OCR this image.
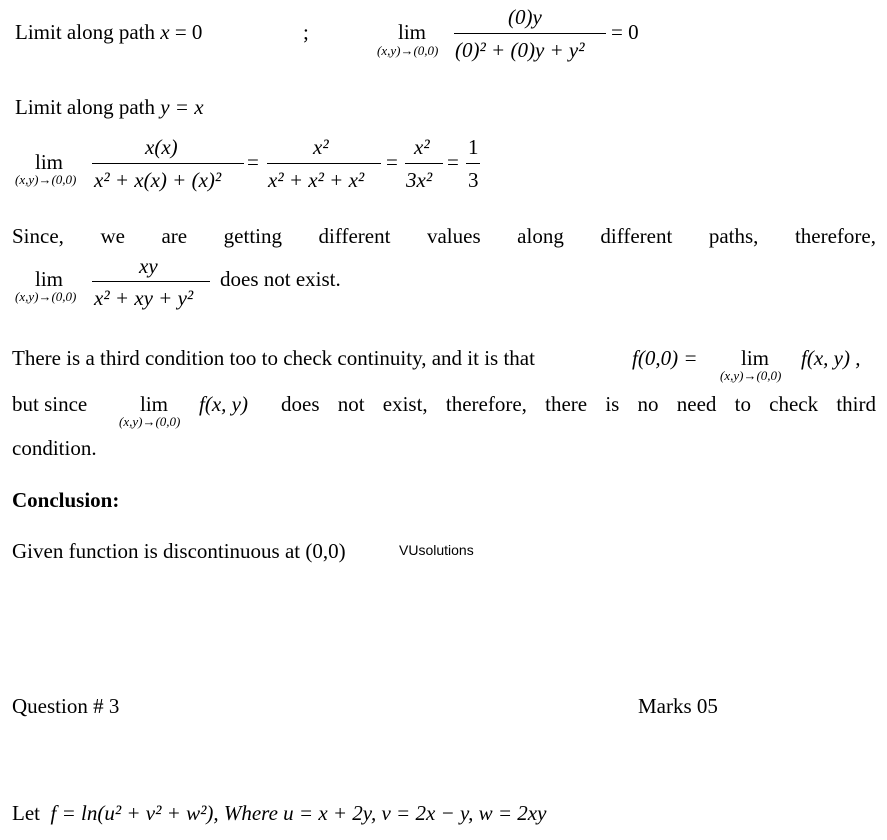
Limit along path x = 0	;	lim
(x,y)→(0,0)
(0)y
(0)² + (0)y + y²
= 0
Limit along path y = x
lim
(x,y)→(0,0)
x(x)
x² + x(x) + (x)²
=
x²
x² + x² + x²
=
x²
3x²
=
1
3
Since, we are getting different values along different paths, therefore,
lim
(x,y)→(0,0)
xy
x² + xy + y²
does not exist.
There is a third condition too to check continuity, and it is that	f(0,0) = lim
(x,y)→(0,0)
f(x, y) ,
but since	lim
(x,y)→(0,0)
f(x, y) does not exist, therefore, there is no need to check third
condition.
Conclusion:
Given function is discontinuous at (0,0)	VUsolutions
Question # 3	Marks 05
Let f = ln(u² + v² + w²), Where u = x + 2y, v = 2x − y, w = 2xy
